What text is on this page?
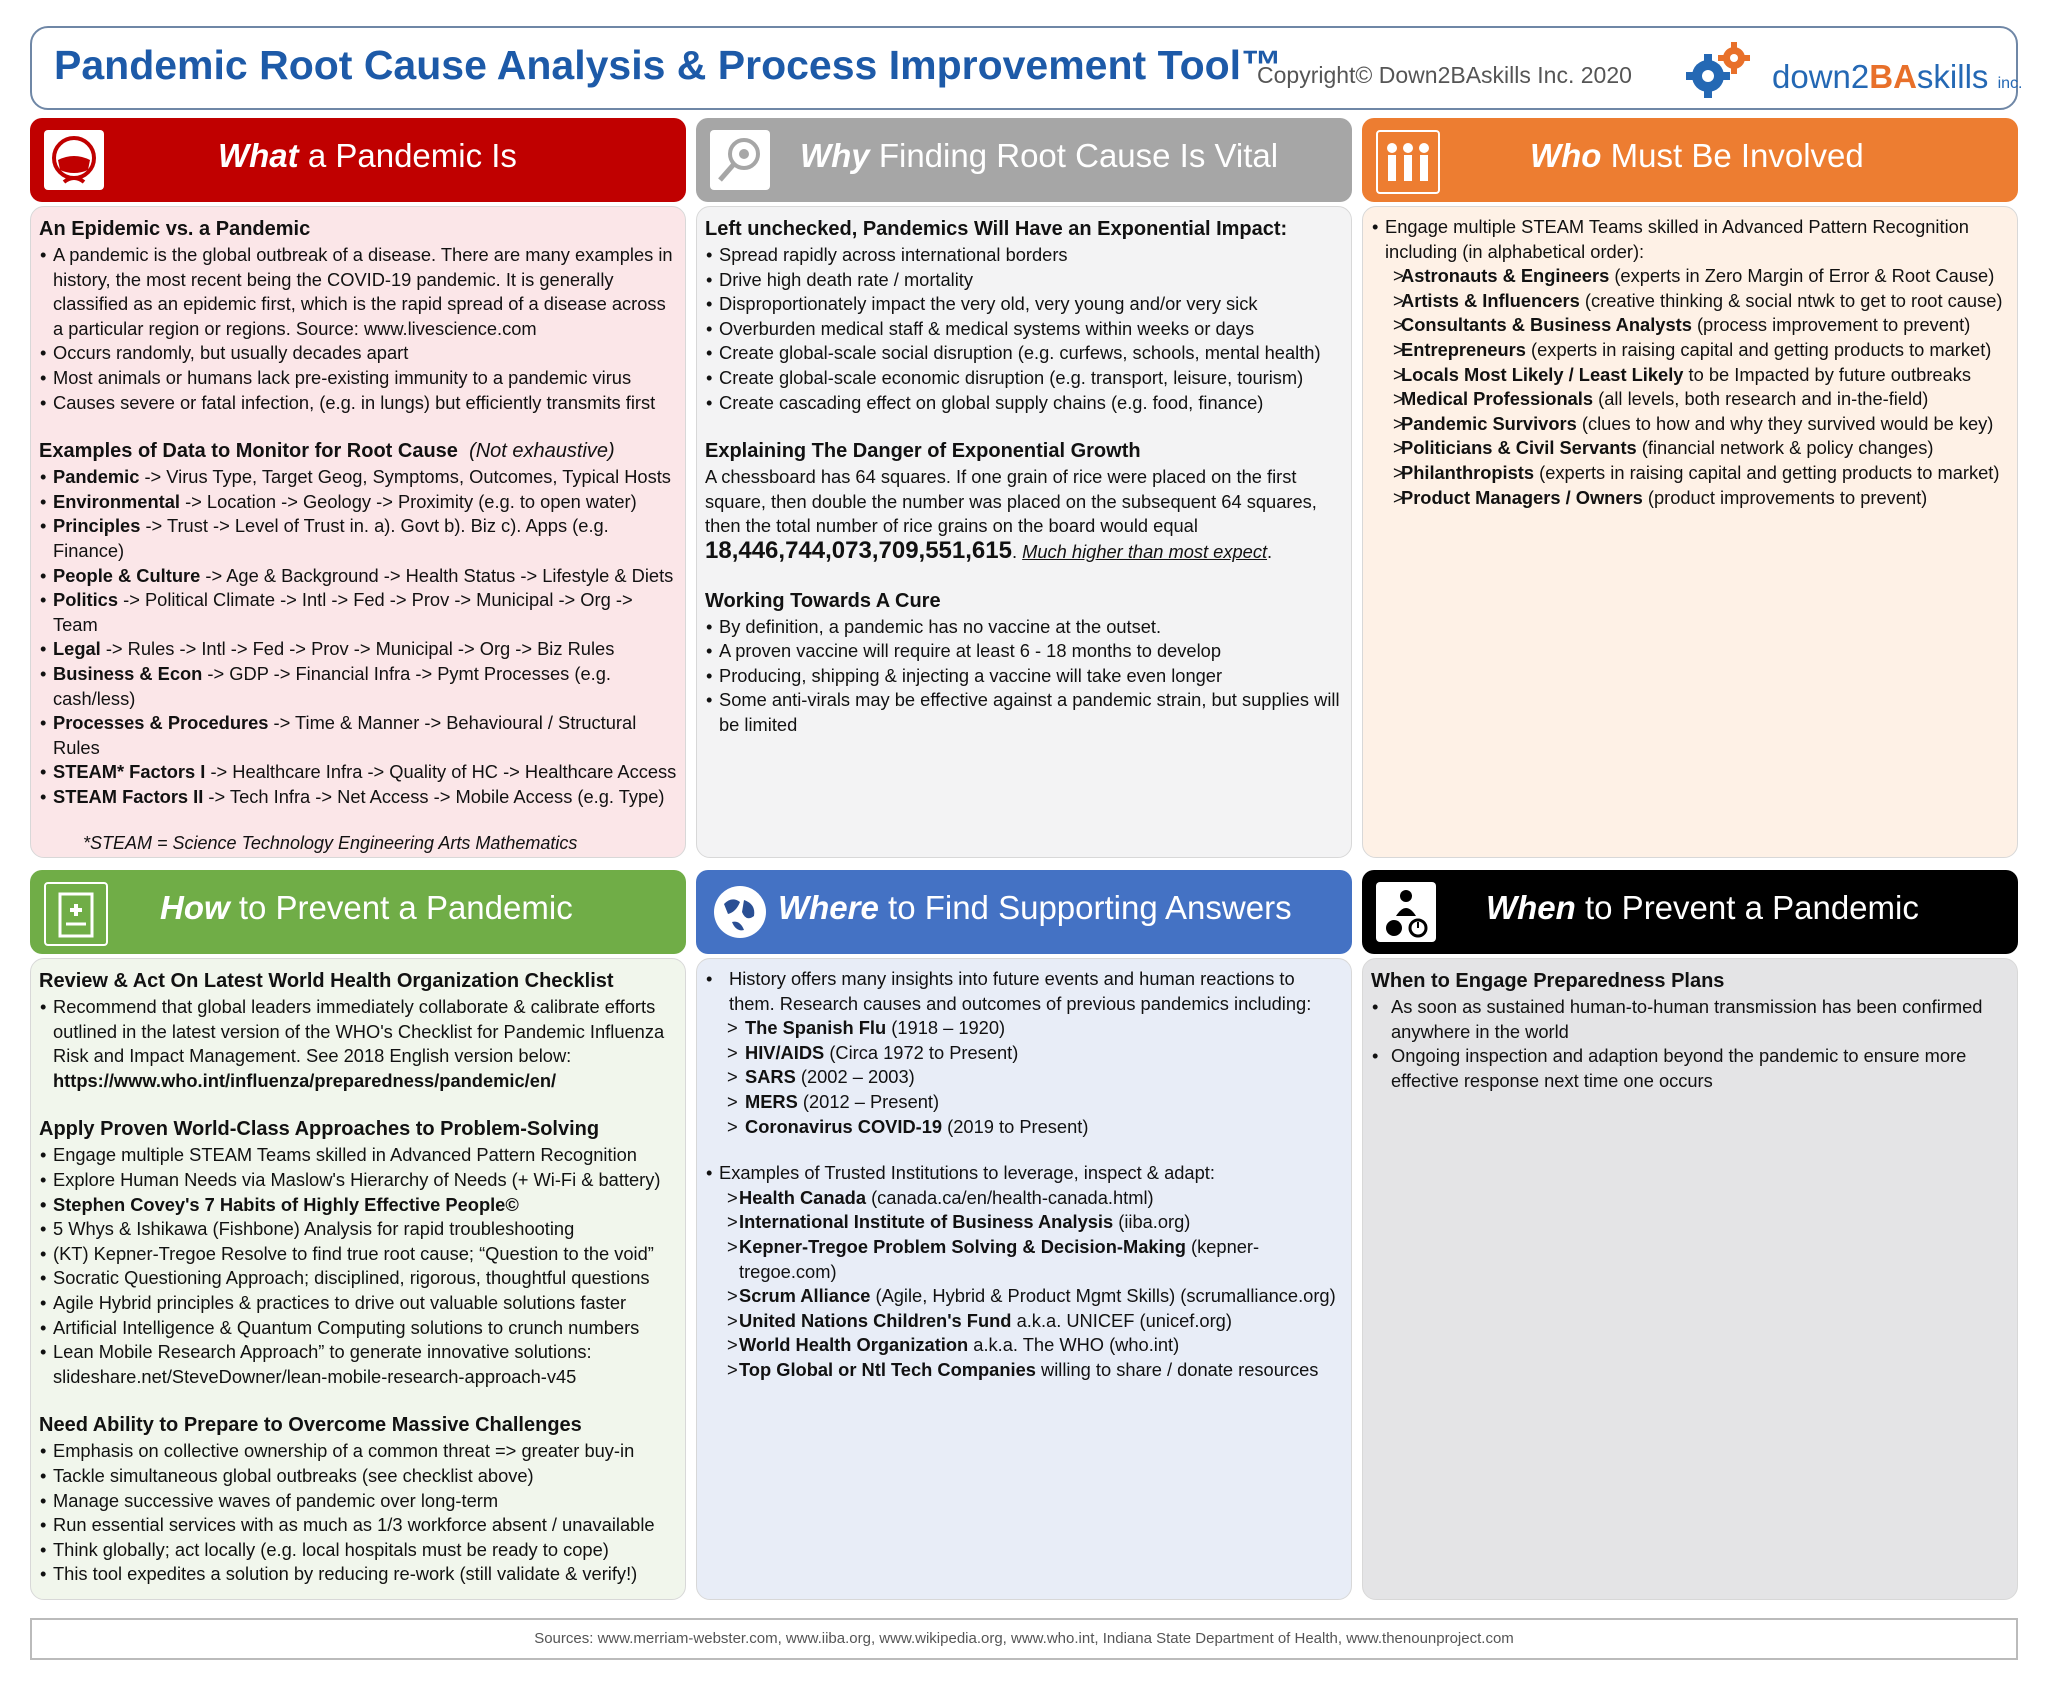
Pandemic Root Cause Analysis & Process Improvement Tool™
Copyright© Down2BAskills Inc. 2020	down2BAskills inc.
What a Pandemic Is	Why Finding Root Cause Is Vital	Who Must Be Involved

An Epidemic vs. a Pandemic

• A pandemic is the global outbreak of a disease. There are many examples in history, the most recent being the COVID-19 pandemic. It is generally classified as an epidemic first, which is the rapid spread of a disease across a particular region or regions. Source: www.livescience.com
• Occurs randomly, but usually decades apart
• Most animals or humans lack pre-existing immunity to a pandemic virus
• Causes severe or fatal infection, (e.g. in lungs) but efficiently transmits first

Examples of Data to Monitor for Root Cause (Not exhaustive)

• Pandemic -> Virus Type, Target Geog, Symptoms, Outcomes, Typical Hosts
• Environmental -> Location -> Geology -> Proximity (e.g. to open water)
• Principles -> Trust -> Level of Trust in. a). Govt b). Biz c). Apps (e.g. Finance)
• People & Culture -> Age & Background -> Health Status -> Lifestyle & Diets
• Politics -> Political Climate -> Intl -> Fed -> Prov -> Municipal -> Org -> Team
• Legal -> Rules -> Intl -> Fed -> Prov -> Municipal -> Org -> Biz Rules
• Business & Econ -> GDP -> Financial Infra -> Pymt Processes (e.g. cash/less)
• Processes & Procedures -> Time & Manner -> Behavioural / Structural Rules
• STEAM* Factors I -> Healthcare Infra -> Quality of HC -> Healthcare Access
• STEAM Factors II -> Tech Infra -> Net Access -> Mobile Access (e.g. Type)

*STEAM = Science Technology Engineering Arts Mathematics

Left unchecked, Pandemics Will Have an Exponential Impact:

• Spread rapidly across international borders
• Drive high death rate / mortality
• Disproportionately impact the very old, very young and/or very sick
• Overburden medical staff & medical systems within weeks or days
• Create global-scale social disruption (e.g. curfews, schools, mental health)
• Create global-scale economic disruption (e.g. transport, leisure, tourism)
• Create cascading effect on global supply chains (e.g. food, finance)

Explaining The Danger of Exponential Growth

A chessboard has 64 squares. If one grain of rice were placed on the first square, then double the number was placed on the subsequent 64 squares, then the total number of rice grains on the board would equal
18,446,744,073,709,551,615. Much higher than most expect.

Working Towards A Cure

• By definition, a pandemic has no vaccine at the outset.
• A proven vaccine will require at least 6 - 18 months to develop
• Producing, shipping & injecting a vaccine will take even longer
• Some anti-virals may be effective against a pandemic strain, but supplies will be limited
• Engage multiple STEAM Teams skilled in Advanced Pattern Recognition including (in alphabetical order):
> Astronauts & Engineers (experts in Zero Margin of Error & Root Cause)
> Artists & Influencers (creative thinking & social ntwk to get to root cause)
> Consultants & Business Analysts (process improvement to prevent)
> Entrepreneurs (experts in raising capital and getting products to market)
> Locals Most Likely / Least Likely to be Impacted by future outbreaks
> Medical Professionals (all levels, both research and in-the-field)
> Pandemic Survivors (clues to how and why they survived would be key)
> Politicians & Civil Servants (financial network & policy changes)
> Philanthropists (experts in raising capital and getting products to market)
> Product Managers / Owners (product improvements to prevent)
How to Prevent a Pandemic	Where to Find Supporting Answers	When to Prevent a Pandemic

Review & Act On Latest World Health Organization Checklist

• Recommend that global leaders immediately collaborate & calibrate efforts outlined in the latest version of the WHO's Checklist for Pandemic Influenza Risk and Impact Management. See 2018 English version below:
https://www.who.int/influenza/preparedness/pandemic/en/

Apply Proven World-Class Approaches to Problem-Solving

• Engage multiple STEAM Teams skilled in Advanced Pattern Recognition
• Explore Human Needs via Maslow's Hierarchy of Needs (+ Wi-Fi & battery)
• Stephen Covey's 7 Habits of Highly Effective People©
• 5 Whys & Ishikawa (Fishbone) Analysis for rapid troubleshooting
• (KT) Kepner-Tregoe Resolve to find true root cause; “Question to the void”
• Socratic Questioning Approach; disciplined, rigorous, thoughtful questions
• Agile Hybrid principles & practices to drive out valuable solutions faster
• Artificial Intelligence & Quantum Computing solutions to crunch numbers
• Lean Mobile Research Approach” to generate innovative solutions:
slideshare.net/SteveDowner/lean-mobile-research-approach-v45

Need Ability to Prepare to Overcome Massive Challenges

• Emphasis on collective ownership of a common threat => greater buy-in
• Tackle simultaneous global outbreaks (see checklist above)
• Manage successive waves of pandemic over long-term
• Run essential services with as much as 1/3 workforce absent / unavailable
• Think globally; act locally (e.g. local hospitals must be ready to cope)
• This tool expedites a solution by reducing re-work (still validate & verify!)
• History offers many insights into future events and human reactions to them. Research causes and outcomes of previous pandemics including:
> The Spanish Flu (1918 – 1920)
> HIV/AIDS (Circa 1972 to Present)
> SARS (2002 – 2003)
> MERS (2012 – Present)
> Coronavirus COVID-19 (2019 to Present)
• Examples of Trusted Institutions to leverage, inspect & adapt:
> Health Canada (canada.ca/en/health-canada.html)
> International Institute of Business Analysis (iiba.org)
> Kepner-Tregoe Problem Solving & Decision-Making (kepner-tregoe.com)
> Scrum Alliance (Agile, Hybrid & Product Mgmt Skills) (scrumalliance.org)
> United Nations Children's Fund a.k.a. UNICEF (unicef.org)
> World Health Organization a.k.a. The WHO (who.int)
> Top Global or Ntl Tech Companies willing to share / donate resources

When to Engage Preparedness Plans

• As soon as sustained human-to-human transmission has been confirmed anywhere in the world
• Ongoing inspection and adaption beyond the pandemic to ensure more effective response next time one occurs
Sources: www.merriam-webster.com, www.iiba.org, www.wikipedia.org, www.who.int, Indiana State Department of Health, www.thenounproject.com
